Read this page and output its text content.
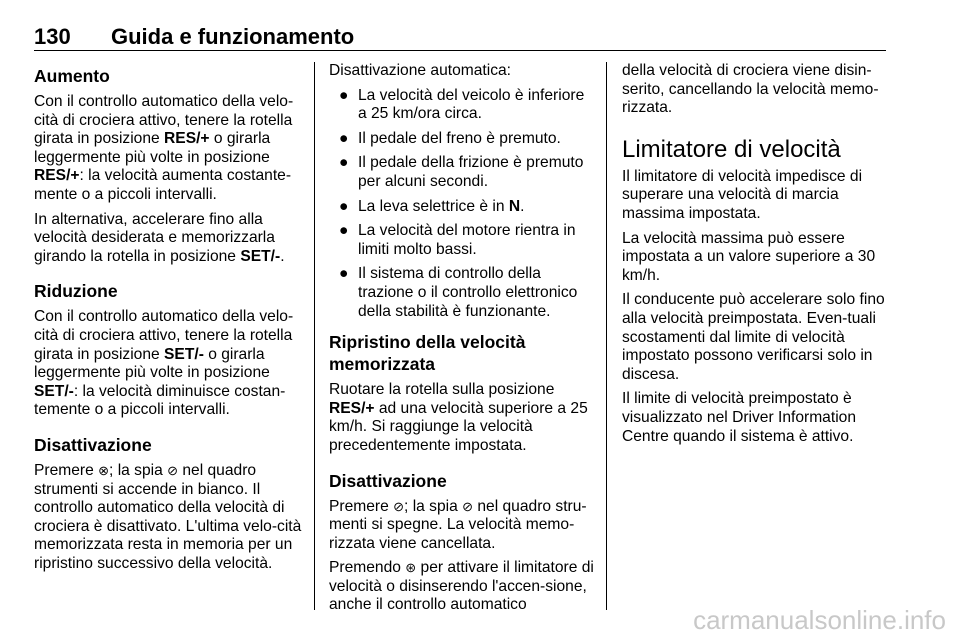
130 Guida e funzionamento
Aumento

Con il controllo automatico della velo-cità di crociera attivo, tenere la rotella girata in posizione RES/+ o girarla leggermente più volte in posizione RES/+: la velocità aumenta costante-mente o a piccoli intervalli.

In alternativa, accelerare fino alla velocità desiderata e memorizzarla girando la rotella in posizione SET/-.

Riduzione

Con il controllo automatico della velo-cità di crociera attivo, tenere la rotella girata in posizione SET/- o girarla leggermente più volte in posizione SET/-: la velocità diminuisce costan-temente o a piccoli intervalli.

Disattivazione

Premere ⊗; la spia ⊘ nel quadro strumenti si accende in bianco. Il controllo automatico della velocità di crociera è disattivato. L'ultima velo-cità memorizzata resta in memoria per un ripristino successivo della velocità.

Disattivazione automatica:

● La velocità del veicolo è inferiore a 25 km/ora circa.
● Il pedale del freno è premuto.
● Il pedale della frizione è premuto per alcuni secondi.
● La leva selettrice è in N.
● La velocità del motore rientra in limiti molto bassi.
● Il sistema di controllo della trazione o il controllo elettronico della stabilità è funzionante.
Ripristino della velocità memorizzata

Ruotare la rotella sulla posizione RES/+ ad una velocità superiore a 25 km/h. Si raggiunge la velocità precedentemente impostata.

Disattivazione

Premere ⊘; la spia ⊘ nel quadro stru-menti si spegne. La velocità memo-rizzata viene cancellata.

Premendo ⊛ per attivare il limitatore di velocità o disinserendo l'accen-sione, anche il controllo automatico

della velocità di crociera viene disin-serito, cancellando la velocità memo-rizzata.

Limitatore di velocità

Il limitatore di velocità impedisce di superare una velocità di marcia massima impostata.

La velocità massima può essere impostata a un valore superiore a 30 km/h.

Il conducente può accelerare solo fino alla velocità preimpostata. Even-tuali scostamenti dal limite di velocità impostato possono verificarsi solo in discesa.

Il limite di velocità preimpostato è visualizzato nel Driver Information Centre quando il sistema è attivo.

carmanualsonline.info
